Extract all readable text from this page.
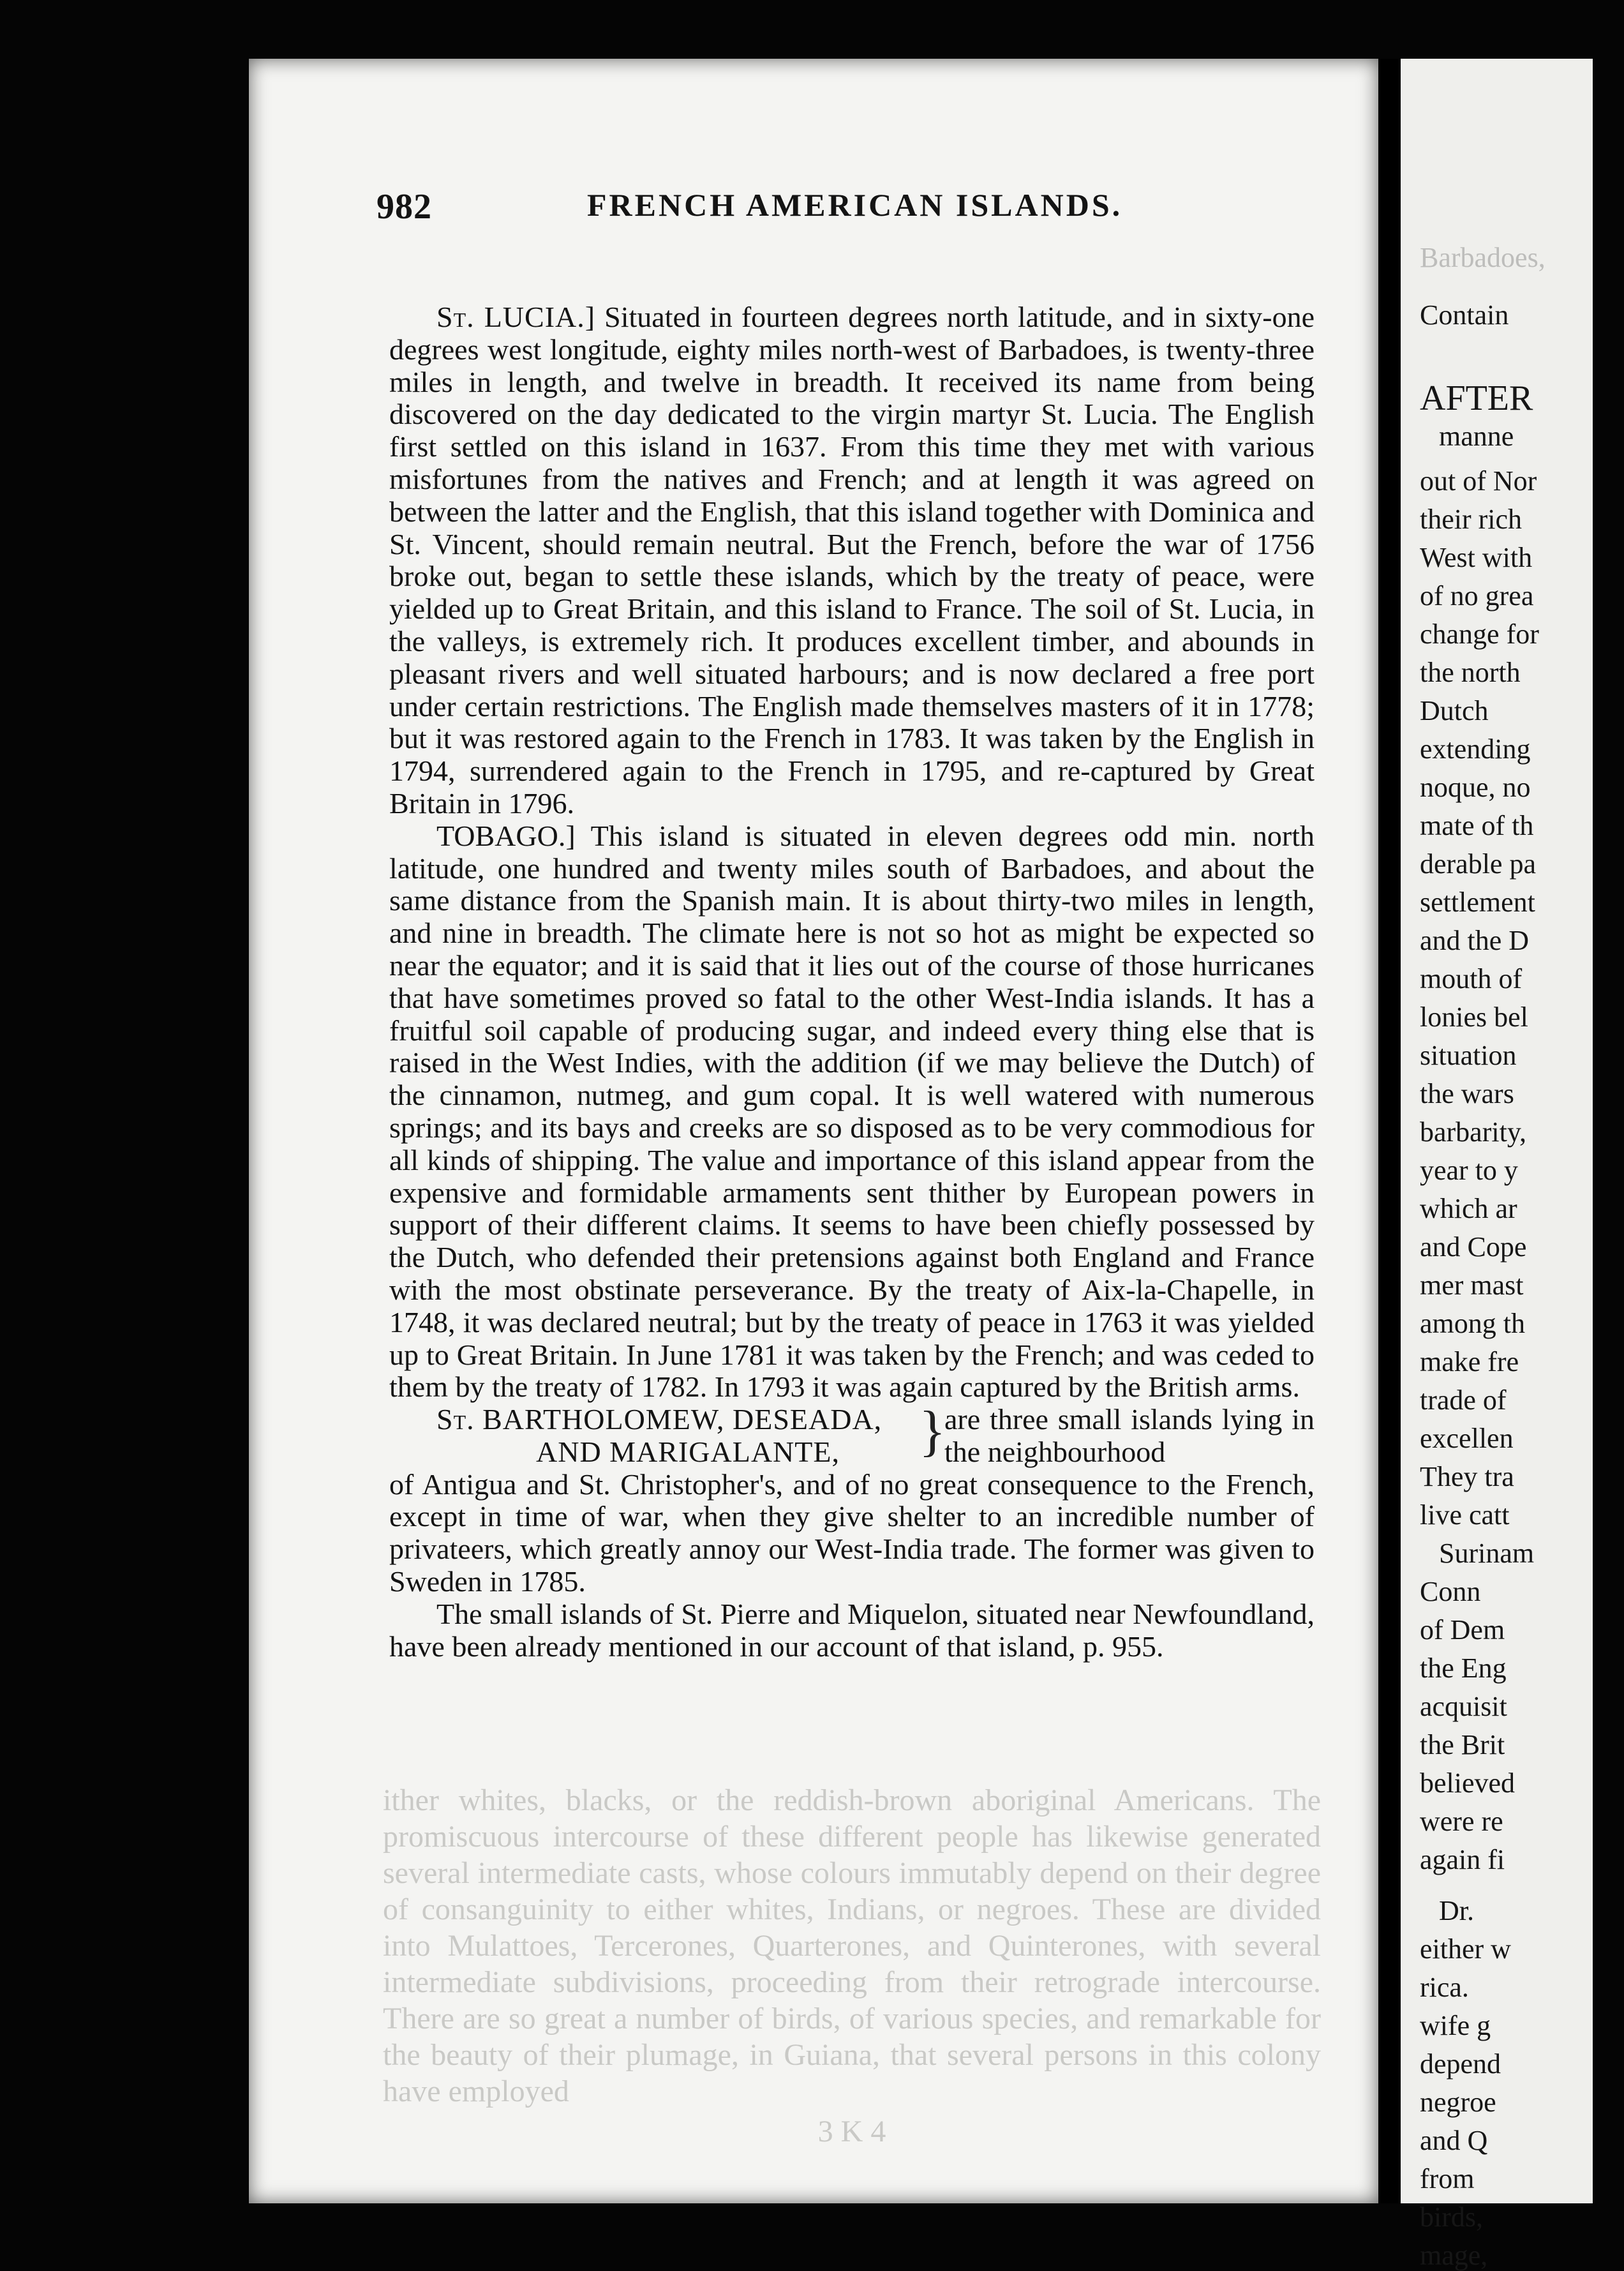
ither whites, blacks, or the reddish-brown aboriginal Americans. The promiscuous intercourse of these different people has likewise generated several intermediate casts, whose colours immutably depend on their degree of consanguinity to either whites, Indians, or negroes. These are divided into Mulattoes, Tercerones, Quarterones, and Quinterones, with several intermediate subdivisions, proceeding from their retrograde intercourse. There are so great a number of birds, of various species, and remarkable for the beauty of their plumage, in Guiana, that several persons in this colony have employed

3 K 4

982	FRENCH AMERICAN ISLANDS.

St. LUCIA.] Situated in fourteen degrees north latitude, and in sixty-one degrees west longitude, eighty miles north-west of Barbadoes, is twenty-three miles in length, and twelve in breadth. It received its name from being discovered on the day dedicated to the virgin martyr St. Lucia. The English first settled on this island in 1637. From this time they met with various misfortunes from the natives and French; and at length it was agreed on between the latter and the English, that this island together with Dominica and St. Vincent, should remain neutral. But the French, before the war of 1756 broke out, began to settle these islands, which by the treaty of peace, were yielded up to Great Britain, and this island to France. The soil of St. Lucia, in the valleys, is extremely rich. It produces excellent timber, and abounds in pleasant rivers and well situated harbours; and is now declared a free port under certain restrictions. The English made themselves masters of it in 1778; but it was restored again to the French in 1783. It was taken by the English in 1794, surrendered again to the French in 1795, and re-captured by Great Britain in 1796.

TOBAGO.] This island is situated in eleven degrees odd min. north latitude, one hundred and twenty miles south of Barbadoes, and about the same distance from the Spanish main. It is about thirty-two miles in length, and nine in breadth. The climate here is not so hot as might be expected so near the equator; and it is said that it lies out of the course of those hurricanes that have sometimes proved so fatal to the other West-India islands. It has a fruitful soil capable of producing sugar, and indeed every thing else that is raised in the West Indies, with the addition (if we may believe the Dutch) of the cinnamon, nutmeg, and gum copal. It is well watered with numerous springs; and its bays and creeks are so disposed as to be very commodious for all kinds of shipping. The value and importance of this island appear from the expensive and formidable armaments sent thither by European powers in support of their different claims. It seems to have been chiefly possessed by the Dutch, who defended their pretensions against both England and France with the most obstinate perseverance. By the treaty of Aix-la-Chapelle, in 1748, it was declared neutral; but by the treaty of peace in 1763 it was yielded up to Great Britain. In June 1781 it was taken by the French; and was ceded to them by the treaty of 1782. In 1793 it was again captured by the British arms.

St. BARTHOLOMEW, DESEADA,
AND MARIGALANTE,	}
are three small islands lying in the neighbourhood

of Antigua and St. Christopher's, and of no great consequence to the French, except in time of war, when they give shelter to an incredible number of privateers, which greatly annoy our West-India trade. The former was given to Sweden in 1785.

The small islands of St. Pierre and Miquelon, situated near Newfoundland, have been already mentioned in our account of that island, p. 955.

Barbadoes,
Contain
AFTER
manne
out of Nor
their rich
West with
of no grea
change for
the north
Dutch
extending
noque, no
mate of th
derable pa
settlement
and the D
mouth of
lonies bel
situation
the wars
barbarity,
year to y
which ar
and Cope
mer mast
among th
make fre
trade of
excellen
They tra
live catt
Surinam
Conn
of Dem
the Eng
acquisit
the Brit
believed
were re
again fi
Dr.
either w
rica.
wife g
depend
negroe
and Q
from
birds,
mage,
